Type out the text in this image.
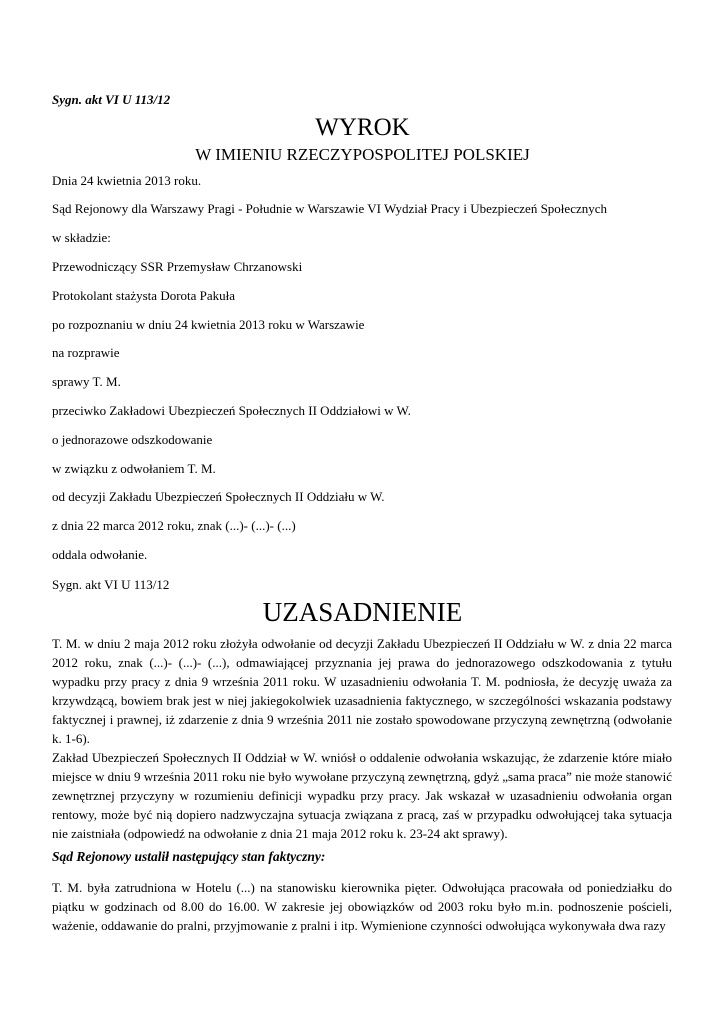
Sygn. akt VI U 113/12
WYROK
W IMIENIU RZECZYPOSPOLITEJ POLSKIEJ
Dnia 24 kwietnia 2013 roku.
Sąd Rejonowy dla Warszawy Pragi - Południe w Warszawie VI Wydział Pracy i Ubezpieczeń Społecznych
w składzie:
Przewodniczący SSR Przemysław Chrzanowski
Protokolant stażysta Dorota Pakuła
po rozpoznaniu w dniu 24 kwietnia 2013 roku w Warszawie
na rozprawie
sprawy T. M.
przeciwko Zakładowi Ubezpieczeń Społecznych II Oddziałowi w W.
o jednorazowe odszkodowanie
w związku z odwołaniem T. M.
od decyzji Zakładu Ubezpieczeń Społecznych II Oddziału w W.
z dnia 22 marca 2012 roku, znak (...)- (...)- (...)
oddala odwołanie.
Sygn. akt VI U 113/12
UZASADNIENIE
T. M. w dniu 2 maja 2012 roku złożyła odwołanie od decyzji Zakładu Ubezpieczeń II Oddziału w W. z dnia 22 marca 2012 roku, znak (...)- (...)- (...), odmawiającej przyznania jej prawa do jednorazowego odszkodowania z tytułu wypadku przy pracy z dnia 9 września 2011 roku. W uzasadnieniu odwołania T. M. podniosła, że decyzję uważa za krzywdzącą, bowiem brak jest w niej jakiegokolwiek uzasadnienia faktycznego, w szczególności wskazania podstawy faktycznej i prawnej, iż zdarzenie z dnia 9 września 2011 nie zostało spowodowane przyczyną zewnętrzną (odwołanie k. 1-6).
Zakład Ubezpieczeń Społecznych II Oddział w W. wniósł o oddalenie odwołania wskazując, że zdarzenie które miało miejsce w dniu 9 września 2011 roku nie było wywołane przyczyną zewnętrzną, gdyż „sama praca” nie może stanowić zewnętrznej przyczyny w rozumieniu definicji wypadku przy pracy. Jak wskazał w uzasadnieniu odwołania organ rentowy, może być nią dopiero nadzwyczajna sytuacja związana z pracą, zaś w przypadku odwołującej taka sytuacja nie zaistniała (odpowiedź na odwołanie z dnia 21 maja 2012 roku k. 23-24 akt sprawy).
Sąd Rejonowy ustalił następujący stan faktyczny:
T. M. była zatrudniona w Hotelu (...) na stanowisku kierownika pięter. Odwołująca pracowała od poniedziałku do piątku w godzinach od 8.00 do 16.00. W zakresie jej obowiązków od 2003 roku było m.in. podnoszenie pościeli, ważenie, oddawanie do pralni, przyjmowanie z pralni i itp. Wymienione czynności odwołująca wykonywała dwa razy
